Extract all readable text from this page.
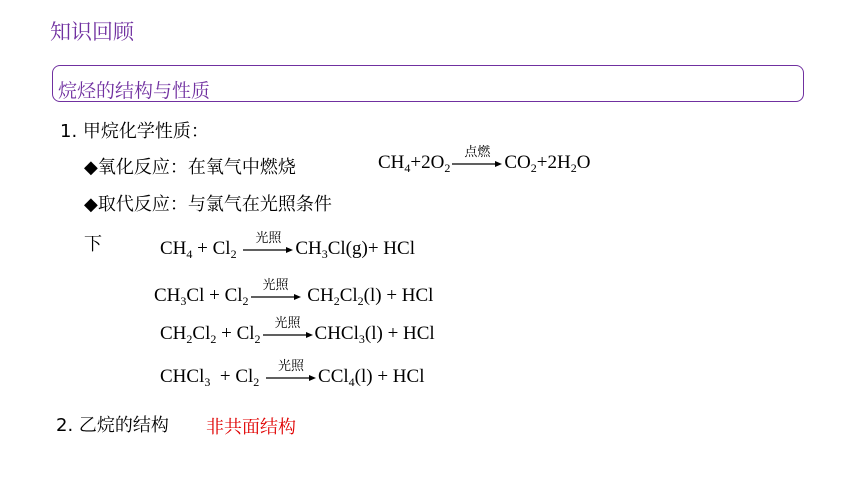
知识回顾
烷烃的结构与性质
1. 甲烷化学性质：
◆氧化反应：在氧气中燃烧	$CH_4+2O_2$
点燃 $CO_2+2H_2O$
◆取代反应：与氯气在光照条件
下	$CH_4 + Cl_2$
光照 $CH_3Cl(g)+$ HCl
$CH_3Cl + Cl_2$
光照 $CH_2Cl_2(l)$ + HCl
$CH_2Cl_2 + Cl_2$
光照 CHCl$_3$(l) + HCl
CHCl$_3$  + $Cl_2$
光照 CCl$_4$(l) + HCl
2. 乙烷的结构 非共面结构
